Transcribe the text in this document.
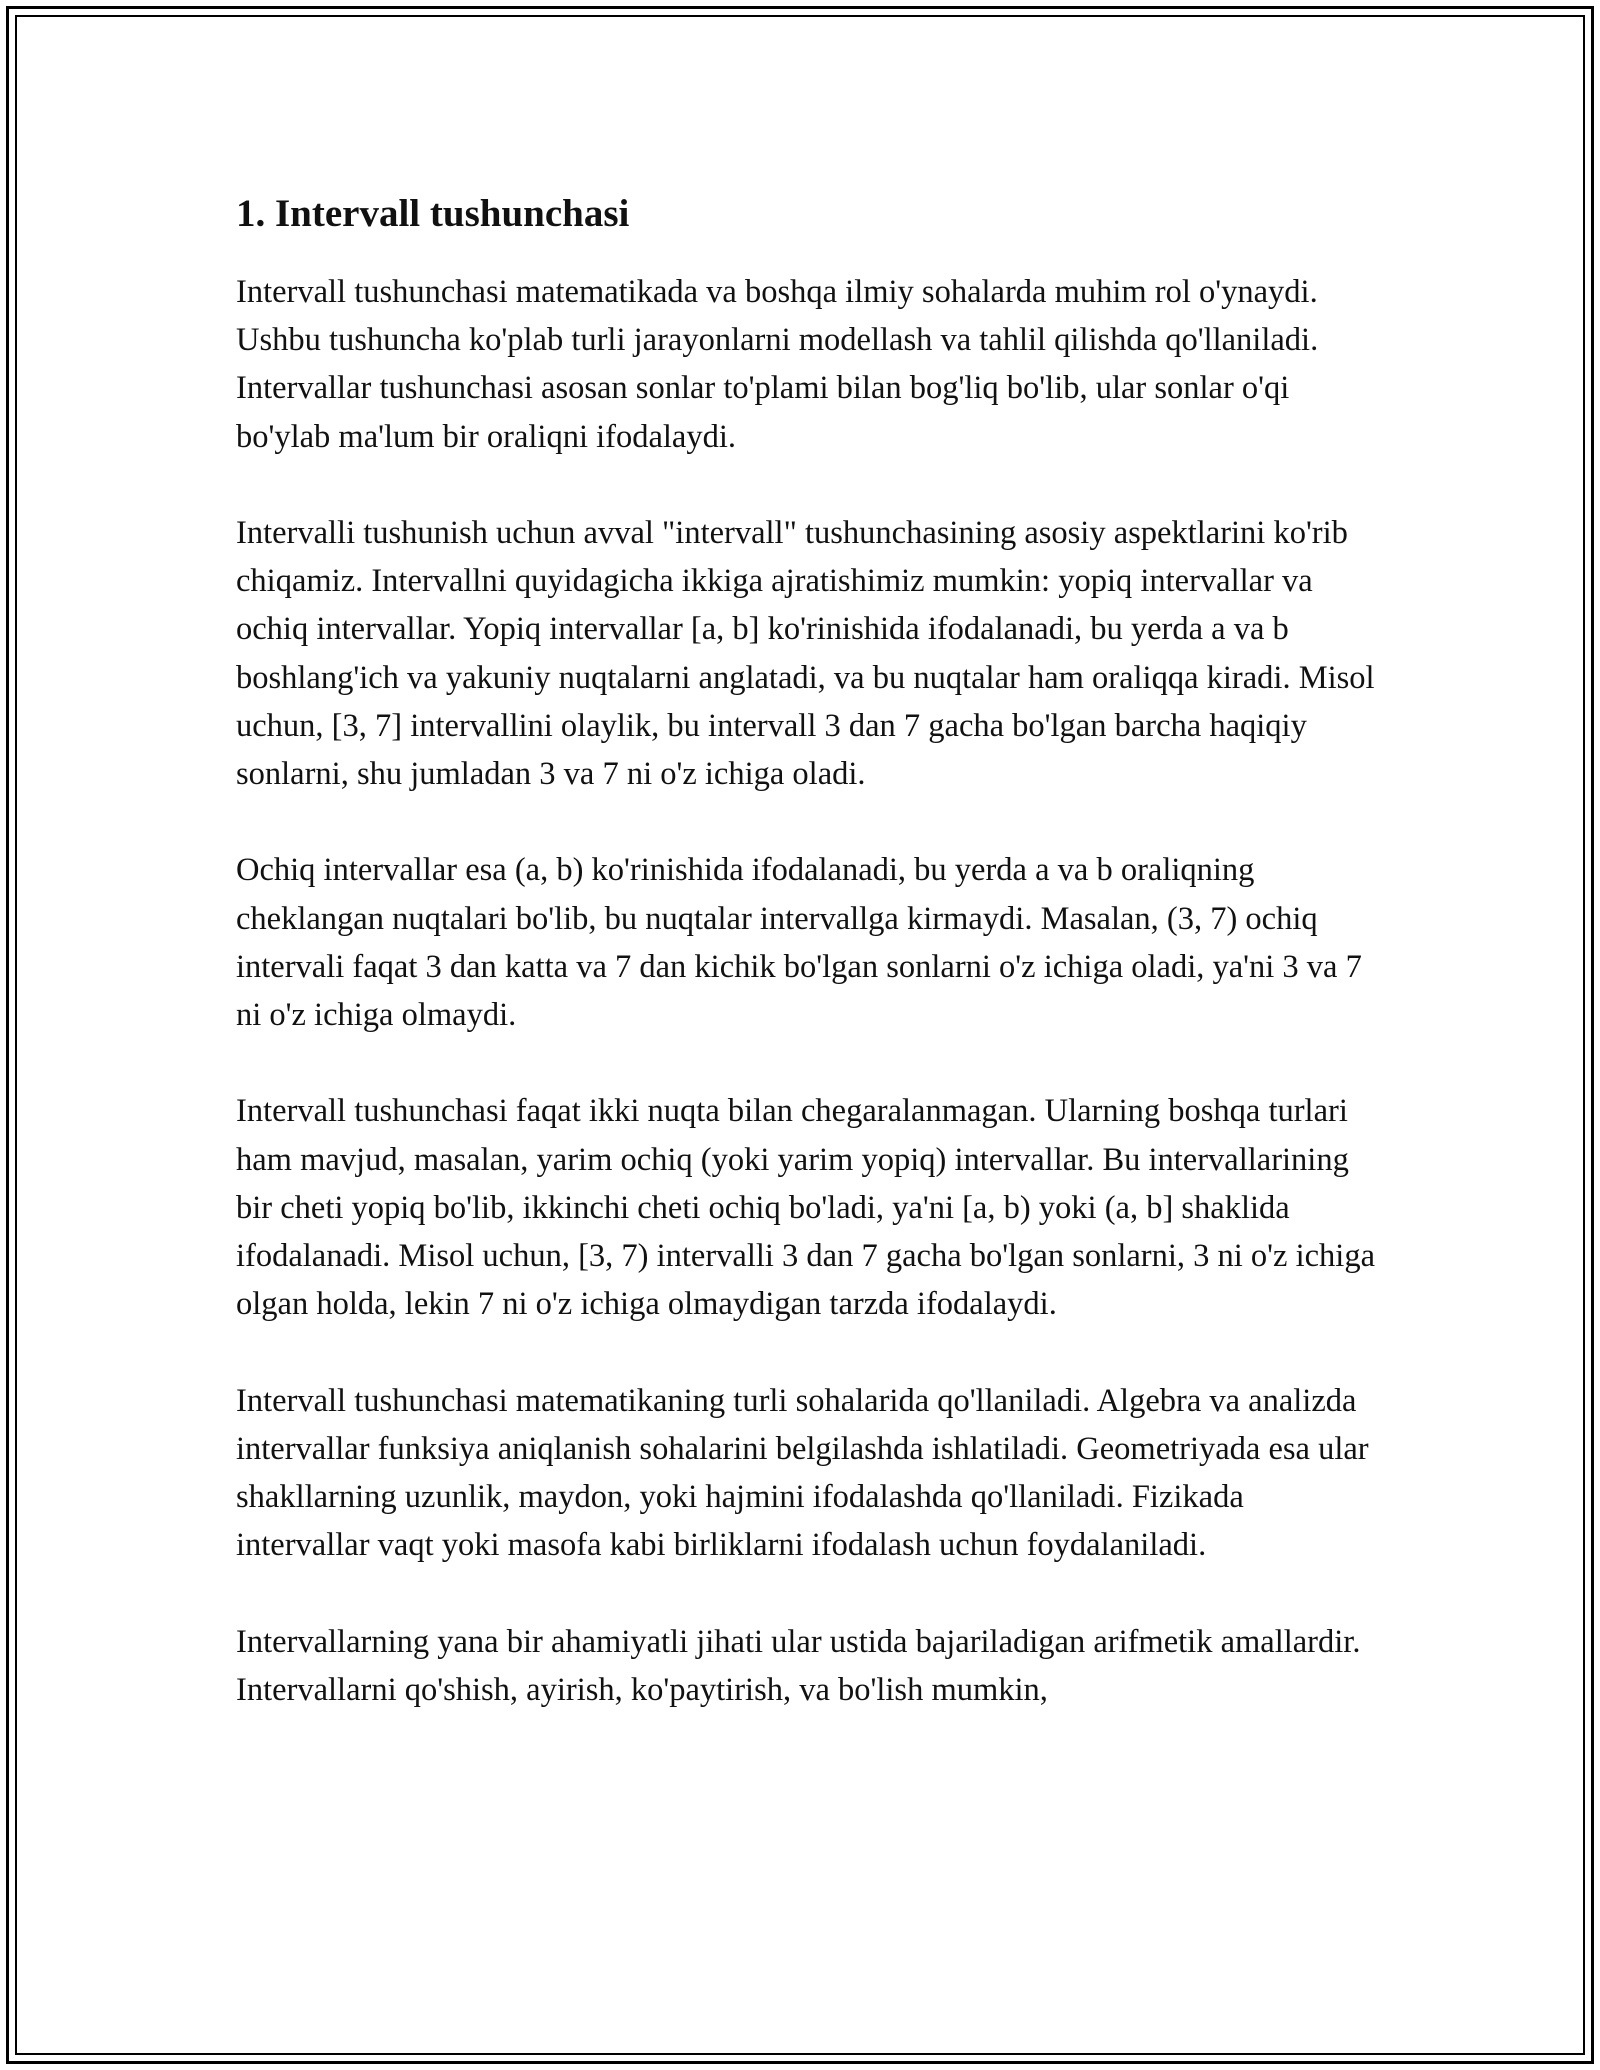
1. Intervall tushunchasi

Intervall tushunchasi matematikada va boshqa ilmiy sohalarda muhim rol o'ynaydi. Ushbu tushuncha ko'plab turli jarayonlarni modellash va tahlil qilishda qo'llaniladi. Intervallar tushunchasi asosan sonlar to'plami bilan bog'liq bo'lib, ular sonlar o'qi bo'ylab ma'lum bir oraliqni ifodalaydi.

Intervalli tushunish uchun avval "intervall" tushunchasining asosiy aspektlarini ko'rib chiqamiz. Intervallni quyidagicha ikkiga ajratishimiz mumkin: yopiq intervallar va ochiq intervallar. Yopiq intervallar [a, b] ko'rinishida ifodalanadi, bu yerda a va b boshlang'ich va yakuniy nuqtalarni anglatadi, va bu nuqtalar ham oraliqqa kiradi. Misol uchun, [3, 7] intervallini olaylik, bu intervall 3 dan 7 gacha bo'lgan barcha haqiqiy sonlarni, shu jumladan 3 va 7 ni o'z ichiga oladi.

Ochiq intervallar esa (a, b) ko'rinishida ifodalanadi, bu yerda a va b oraliqning cheklangan nuqtalari bo'lib, bu nuqtalar intervallga kirmaydi. Masalan, (3, 7) ochiq intervali faqat 3 dan katta va 7 dan kichik bo'lgan sonlarni o'z ichiga oladi, ya'ni 3 va 7 ni o'z ichiga olmaydi.

Intervall tushunchasi faqat ikki nuqta bilan chegaralanmagan. Ularning boshqa turlari ham mavjud, masalan, yarim ochiq (yoki yarim yopiq) intervallar. Bu intervallarining bir cheti yopiq bo'lib, ikkinchi cheti ochiq bo'ladi, ya'ni [a, b) yoki (a, b] shaklida ifodalanadi. Misol uchun, [3, 7) intervalli 3 dan 7 gacha bo'lgan sonlarni, 3 ni o'z ichiga olgan holda, lekin 7 ni o'z ichiga olmaydigan tarzda ifodalaydi.

Intervall tushunchasi matematikaning turli sohalarida qo'llaniladi. Algebra va analizda intervallar funksiya aniqlanish sohalarini belgilashda ishlatiladi. Geometriyada esa ular shakllarning uzunlik, maydon, yoki hajmini ifodalashda qo'llaniladi. Fizikada intervallar vaqt yoki masofa kabi birliklarni ifodalash uchun foydalaniladi.

Intervallarning yana bir ahamiyatli jihati ular ustida bajariladigan arifmetik amallardir. Intervallarni qo'shish, ayirish, ko'paytirish, va bo'lish mumkin,
